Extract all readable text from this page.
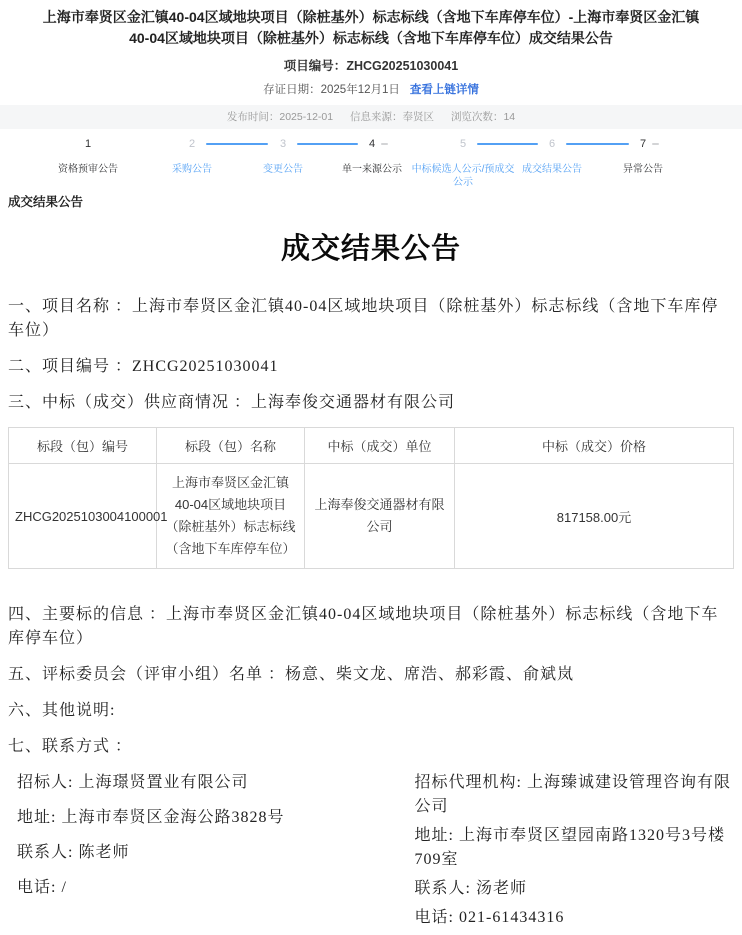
上海市奉贤区金汇镇40-04区域地块项目（除桩基外）标志标线（含地下车库停车位）-上海市奉贤区金汇镇40-04区域地块项目（除桩基外）标志标线（含地下车库停车位）成交结果公告
项目编号：ZHCG20251030041
存证日期：2025年12月1日 查看上链详情
发布时间：2025-12-01 信息来源：奉贤区 浏览次数：14
1
资格预审公告
2
采购公告
3
变更公告
4
单一来源公示
5
中标候选人公示/预成交公示
6
成交结果公告
7
异常公告
成交结果公告
成交结果公告

一、项目名称 ：上海市奉贤区金汇镇40-04区域地块项目（除桩基外）标志标线（含地下车库停车位）

二、项目编号 ：ZHCG20251030041

三、中标（成交）供应商情况 ：上海奉俊交通器材有限公司

标段（包）编号	标段（包）名称	中标（成交）单位	中标（成交）价格
ZHCG2025103004100001	上海市奉贤区金汇镇40-04区域地块项目（除桩基外）标志标线（含地下车库停车位）	上海奉俊交通器材有限公司	817158.00元

四、主要标的信息 ：上海市奉贤区金汇镇40-04区域地块项目（除桩基外）标志标线（含地下车库停车位）

五、评标委员会（评审小组）名单 ：杨意、柴文龙、席浩、郝彩霞、俞斌岚

六、其他说明:

七、联系方式 ：

招标人: 上海璟贤置业有限公司
地址: 上海市奉贤区金海公路3828号
联系人: 陈老师
电话: /
招标代理机构: 上海臻诚建设管理咨询有限公司
地址: 上海市奉贤区望园南路1320号3号楼709室
联系人: 汤老师
电话: 021-61434316
